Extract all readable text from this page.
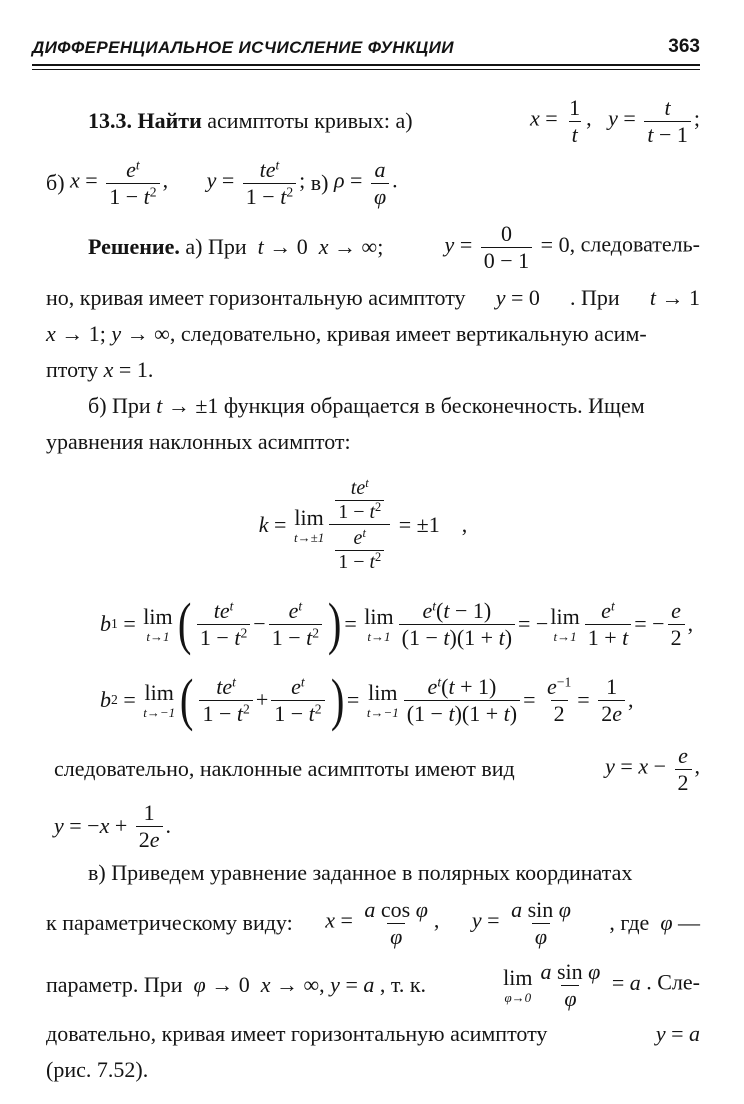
ДИФФЕРЕНЦИАЛЬНОЕ ИСЧИСЛЕНИЕ ФУНКЦИИ	363
13.3. Найти асимптоты кривых: а)	$x = \frac{1}{t}$ ,   $y = \frac{t}{t - 1}$ ;
б)
$x = \frac{e^t}{1 - t^2}$ ,       $y = \frac{te^t}{1 - t^2}$ ; в)
$\rho = \frac{a}{\varphi}$ .
Решение. а) При t → 0  x → ∞;	$y = \frac{0}{0 - 1} = 0$, следователь-
но, кривая имеет горизонтальную асимптоту y = 0 . При t → 1
x → 1; y → ∞ , следовательно, кривая имеет вертикальную асим-
птоту x = 1.
б) При t → ±1 функция обращается в бесконечность. Ищем
уравнения наклонных асимптот:
k = lim
$t\to\pm 1 \frac{\frac{te^t}{1 - t^2}}{\frac{e^t}{1 - t^2}} = \pm 1$    ,
b 1 = lim
t→1 ( $\frac{te^t}{1 - t^2} - \frac{e^t}{1 - t^2}$ ) = lim
$t\to 1 \frac{e^t(t - 1)}{(1 - t)(1 + t)}$ = − lim
$t\to 1 \frac{e^t}{1 + t}$ = − $\frac{e}{2}$ ,
b 2 = lim
t→−1 ( $\frac{te^t}{1 - t^2} + \frac{e^t}{1 - t^2}$ ) = lim
$t\to-1 \frac{e^t(t + 1)}{(1 - t)(1 + t)} = \frac{e^{-1}}{2} = \frac{1}{2e}$ ,
следовательно, наклонные асимптоты имеют вид	$y = x - \frac{e}{2}$ ,
y = − $x + \frac{1}{2e}$ .
в) Приведем уравнение заданное в полярных координатах
к параметрическому виду: $x = \frac{\text{a cos φ}}{\varphi}$ , $y = \frac{\text{a sin φ}}{\varphi}$ , где φ —
параметр. При φ → 0  x → ∞, y = a , т. к.	lim
$\varphi\to 0 \frac{\text{a sin φ}}{\varphi} = a$ . Сле-
довательно, кривая имеет горизонтальную асимптоту	y = a
(рис. 7.52).
